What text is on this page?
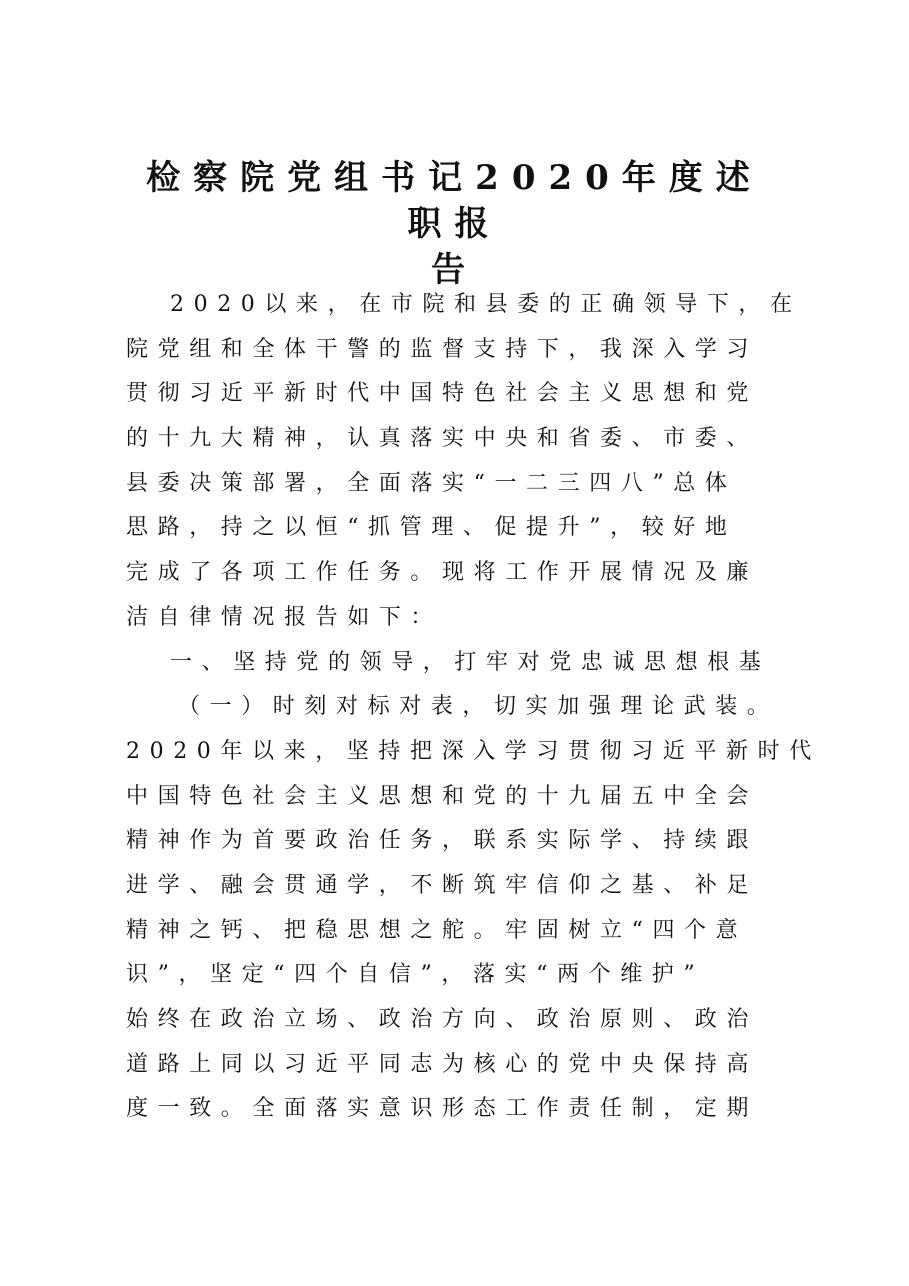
检察院党组书记2020年度述职报
告
2020以来，在市院和县委的正确领导下，在
院党组和全体干警的监督支持下，我深入学习
贯彻习近平新时代中国特色社会主义思想和党
的十九大精神，认真落实中央和省委、市委、
县委决策部署，全面落实“一二三四八”总体
思路，持之以恒“抓管理、促提升”，较好地
完成了各项工作任务。现将工作开展情况及廉
洁自律情况报告如下：
一、坚持党的领导，打牢对党忠诚思想根基
（一）时刻对标对表，切实加强理论武装。
2020年以来，坚持把深入学习贯彻习近平新时代
中国特色社会主义思想和党的十九届五中全会
精神作为首要政治任务，联系实际学、持续跟
进学、融会贯通学，不断筑牢信仰之基、补足
精神之钙、把稳思想之舵。牢固树立“四个意
识”，坚定“四个自信”，落实“两个维护”
始终在政治立场、政治方向、政治原则、政治
道路上同以习近平同志为核心的党中央保持高
度一致。全面落实意识形态工作责任制，定期
